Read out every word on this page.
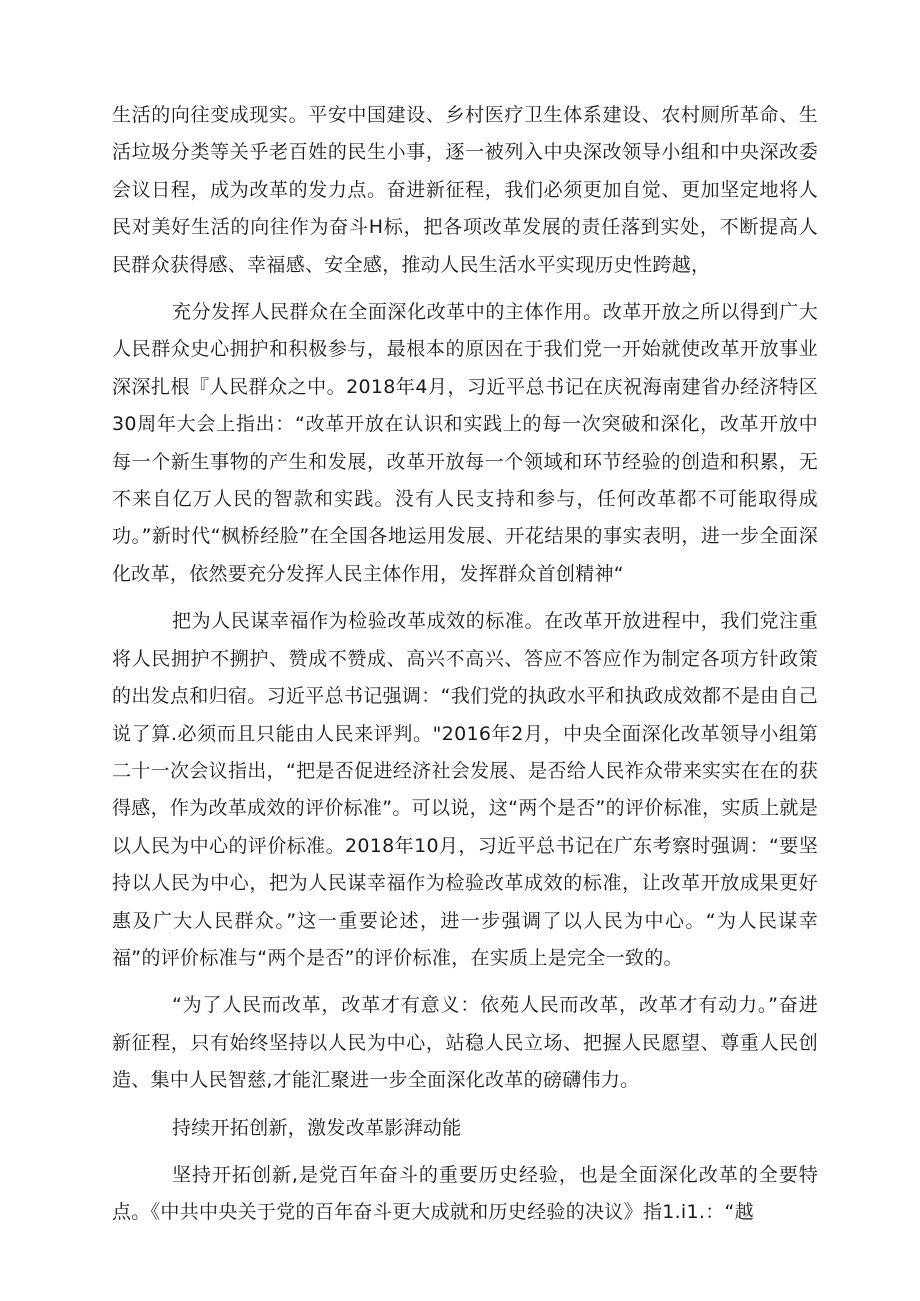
生活的向往变成现实。平安中国建设、乡村医疗卫生体系建设、农村厕所革命、生活垃圾分类等关乎老百姓的民生小事，逐一被列入中央深改领导小组和中央深改委会议日程，成为改革的发力点。奋进新征程，我们必须更加自觉、更加坚定地将人民对美好生活的向往作为奋斗H标，把各项改革发展的责任落到实处，不断提高人民群众获得感、幸福感、安全感，推动人民生活水平实现历史性跨越，

充分发挥人民群众在全面深化改革中的主体作用。改革开放之所以得到广大人民群众史心拥护和积极参与，最根本的原因在于我们党一开始就使改革开放事业深深扎根『人民群众之中。2018年4月，习近平总书记在庆祝海南建省办经济特区30周年大会上指出：“改革开放在认识和实践上的每一次突破和深化，改革开放中每一个新生事物的产生和发展，改革开放每一个领域和环节经验的创造和积累，无不来自亿万人民的智款和实践。没有人民支持和参与，任何改革都不可能取得成功。”新时代“枫桥经脸”在全国各地运用发展、开花结果的事实表明，进一步全面深化改革，依然要充分发挥人民主体作用，发挥群众首创精神“

把为人民谋幸福作为检验改革成效的标准。在改革开放进程中，我们党注重将人民拥护不搠护、赞成不赞成、高兴不高兴、答应不答应作为制定各项方针政策的出发点和归宿。习近平总书记强调：“我们党的执政水平和执政成效都不是由自己说了算.必须而且只能由人民来评判。"2016年2月，中央全面深化改革领导小组第二十一次会议指出，“把是否促进经济社会发展、是否给人民祚众带来实实在在的获得感，作为改革成效的评价标准”。可以说，这“两个是否”的评价标准，实质上就是以人民为中心的评价标准。2018年10月，习近平总书记在广东考察时强调：“要坚持以人民为中心，把为人民谋幸福作为检验改革成效的标准，让改革开放成果更好惠及广大人民群众。”这一重要论述，进一步强调了以人民为中心。“为人民谋幸福”的评价标准与“两个是否”的评价标准，在实质上是完全一致的。

“为了人民而改革，改革才有意义：依苑人民而改革，改革才有动力。”奋进新征程，只有始终坚持以人民为中心，站稳人民立场、把握人民愿望、尊重人民创造、集中人民智慈,才能汇聚进一步全面深化改革的磅礴伟力。

持续开拓创新，激发改革影湃动能

坚持开拓创新,是党百年奋斗的重要历史经验，也是全面深化改革的全要特点。《中共中央关于党的百年奋斗更大成就和历史经验的决议》指1.i1.：“越
